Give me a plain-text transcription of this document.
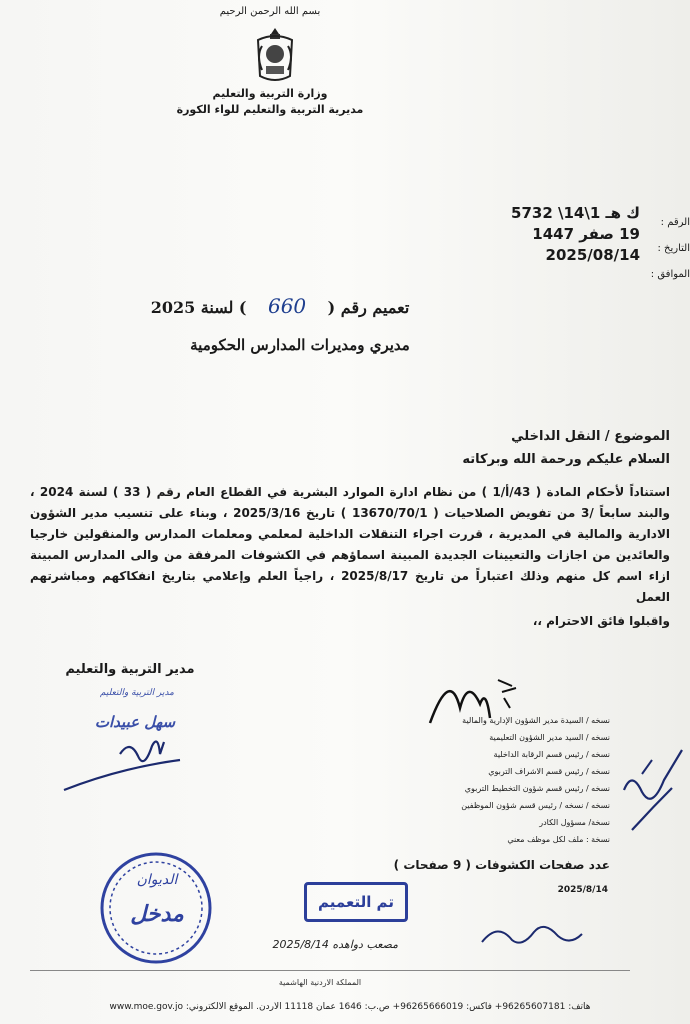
بسم الله الرحمن الرحيم
وزارة التربية والتعليم
مديرية التربية والتعليم للواء الكورة
الرقم :
التاريخ :
الموافق :
ك هـ 1\14\ 5732
19 صفر 1447
2025/08/14
تعميم رقم ( 660 ) لسنة 2025
مديري ومديرات المدارس الحكومية
الموضوع / النقل الداخلي
السلام عليكم ورحمة الله وبركاته
استناداً لأحكام المادة ( 43/أ/1 ) من نظام ادارة الموارد البشرية في القطاع العام رقم ( 33 ) لسنة 2024 ، والبند سابعاً /3 من تفويض الصلاحيات ( 13670/70/1 ) تاريخ 2025/3/16 ، وبناء على تنسيب مدير الشؤون الادارية والمالية في المديرية ، قررت اجراء التنقلات الداخلية لمعلمي ومعلمات المدارس والمنقولين خارجيا والعائدين من اجازات والتعيينات الجديدة المبينة اسماؤهم في الكشوفات المرفقة من والى المدارس المبينة ازاء اسم كل منهم وذلك اعتباراً من تاريخ 2025/8/17 ، راجياً العلم وإعلامي بتاريخ انفكاكهم ومباشرتهم العمل
واقبلوا فائق الاحترام ،،
مدير التربية والتعليم
مدير التربية والتعليم
سهل عبيدات	نسخه / السيدة مدير الشؤون الإدارية والمالية
نسخه / السيد مدير الشؤون التعليمية
نسخه / رئيس قسم الرقابة الداخلية
نسخه / رئيس قسم الاشراف التربوي
نسخه / رئيس قسم شؤون التخطيط التربوي
نسخه / نسخه / رئيس قسم شؤون الموظفين
نسخة/ مسؤول الكادر
نسخة : ملف لكل موظف معني
عدد صفحات الكشوفات ( 9 صفحات )
2025/8/14
تم التعميم
الديوان
مدخل
مصعب دواهده 2025/8/14
المملكة الاردنية الهاشمية
هاتف: 96265607181+ فاكس: 96265666019+ ص.ب: 1646 عمان 11118 الأردن. الموقع الالكتروني: www.moe.gov.jo
